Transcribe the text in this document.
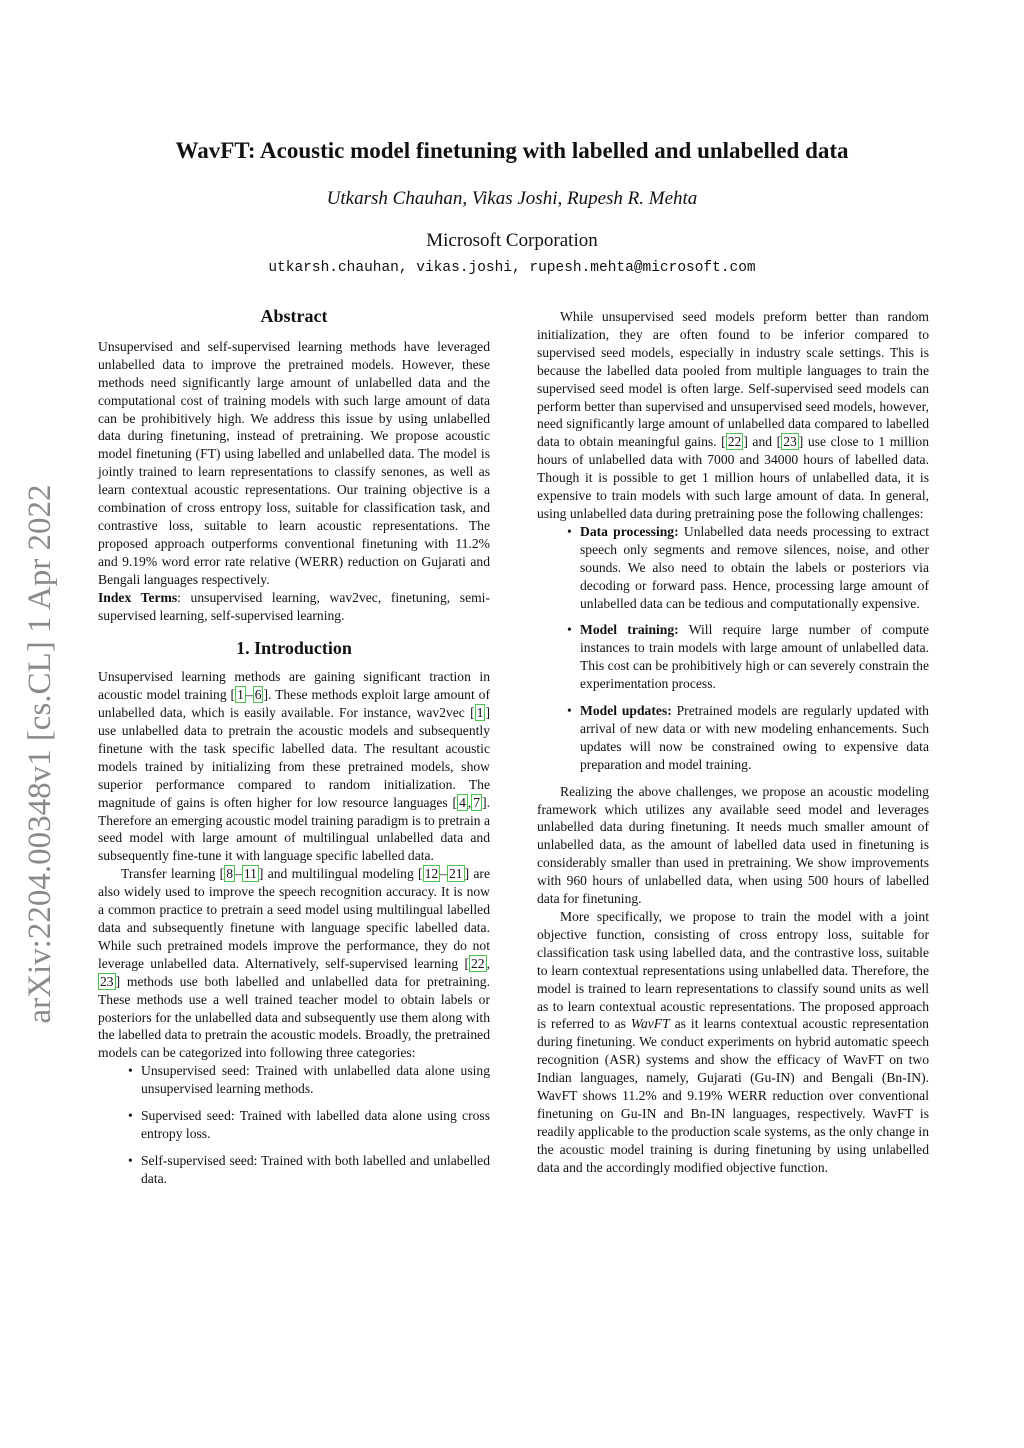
arXiv:2204.00348v1 [cs.CL] 1 Apr 2022
WavFT: Acoustic model finetuning with labelled and unlabelled data
Utkarsh Chauhan, Vikas Joshi, Rupesh R. Mehta
Microsoft Corporation
utkarsh.chauhan, vikas.joshi, rupesh.mehta@microsoft.com
Abstract

Unsupervised and self-supervised learning methods have leveraged unlabelled data to improve the pretrained models. However, these methods need significantly large amount of unlabelled data and the computational cost of training models with such large amount of data can be prohibitively high. We address this issue by using unlabelled data during finetuning, instead of pretraining. We propose acoustic model finetuning (FT) using labelled and unlabelled data. The model is jointly trained to learn representations to classify senones, as well as learn contextual acoustic representations. Our training objective is a combination of cross entropy loss, suitable for classification task, and contrastive loss, suitable to learn acoustic representations. The proposed approach outperforms conventional finetuning with 11.2% and 9.19% word error rate relative (WERR) reduction on Gujarati and Bengali languages respectively.

Index Terms: unsupervised learning, wav2vec, finetuning, semi-supervised learning, self-supervised learning.

1. Introduction

Unsupervised learning methods are gaining significant traction in acoustic model training [ 1 – 6 ]. These methods exploit large amount of unlabelled data, which is easily available. For instance, wav2vec [ 1 ] use unlabelled data to pretrain the acoustic models and subsequently finetune with the task specific labelled data. The resultant acoustic models trained by initializing from these pretrained models, show superior performance compared to random initialization. The magnitude of gains is often higher for low resource languages [ 4 , 7 ]. Therefore an emerging acoustic model training paradigm is to pretrain a seed model with large amount of multilingual unlabelled data and subsequently fine-tune it with language specific labelled data.

Transfer learning [ 8 – 11 ] and multilingual modeling [ 12 – 21 ] are also widely used to improve the speech recognition accuracy. It is now a common practice to pretrain a seed model using multilingual labelled data and subsequently finetune with language specific labelled data. While such pretrained models improve the performance, they do not leverage unlabelled data. Alternatively, self-supervised learning [ 22 , 23 ] methods use both labelled and unlabelled data for pretraining. These methods use a well trained teacher model to obtain labels or posteriors for the unlabelled data and subsequently use them along with the labelled data to pretrain the acoustic models. Broadly, the pretrained models can be categorized into following three categories:

• Unsupervised seed: Trained with unlabelled data alone using unsupervised learning methods.
• Supervised seed: Trained with labelled data alone using cross entropy loss.
• Self-supervised seed: Trained with both labelled and unlabelled data.

While unsupervised seed models preform better than random initialization, they are often found to be inferior compared to supervised seed models, especially in industry scale settings. This is because the labelled data pooled from multiple languages to train the supervised seed model is often large. Self-supervised seed models can perform better than supervised and unsupervised seed models, however, need significantly large amount of unlabelled data compared to labelled data to obtain meaningful gains. [ 22 ] and [ 23 ] use close to 1 million hours of unlabelled data with 7000 and 34000 hours of labelled data. Though it is possible to get 1 million hours of unlabelled data, it is expensive to train models with such large amount of data. In general, using unlabelled data during pretraining pose the following challenges:

• Data processing: Unlabelled data needs processing to extract speech only segments and remove silences, noise, and other sounds. We also need to obtain the labels or posteriors via decoding or forward pass. Hence, processing large amount of unlabelled data can be tedious and computationally expensive.
• Model training: Will require large number of compute instances to train models with large amount of unlabelled data. This cost can be prohibitively high or can severely constrain the experimentation process.
• Model updates: Pretrained models are regularly updated with arrival of new data or with new modeling enhancements. Such updates will now be constrained owing to expensive data preparation and model training.

Realizing the above challenges, we propose an acoustic modeling framework which utilizes any available seed model and leverages unlabelled data during finetuning. It needs much smaller amount of unlabelled data, as the amount of labelled data used in finetuning is considerably smaller than used in pretraining. We show improvements with 960 hours of unlabelled data, when using 500 hours of labelled data for finetuning.

More specifically, we propose to train the model with a joint objective function, consisting of cross entropy loss, suitable for classification task using labelled data, and the contrastive loss, suitable to learn contextual representations using unlabelled data. Therefore, the model is trained to learn representations to classify sound units as well as to learn contextual acoustic representations. The proposed approach is referred to as WavFT as it learns contextual acoustic representation during finetuning. We conduct experiments on hybrid automatic speech recognition (ASR) systems and show the efficacy of WavFT on two Indian languages, namely, Gujarati (Gu-IN) and Bengali (Bn-IN). WavFT shows 11.2% and 9.19% WERR reduction over conventional finetuning on Gu-IN and Bn-IN languages, respectively. WavFT is readily applicable to the production scale systems, as the only change in the acoustic model training is during finetuning by using unlabelled data and the accordingly modified objective function.
